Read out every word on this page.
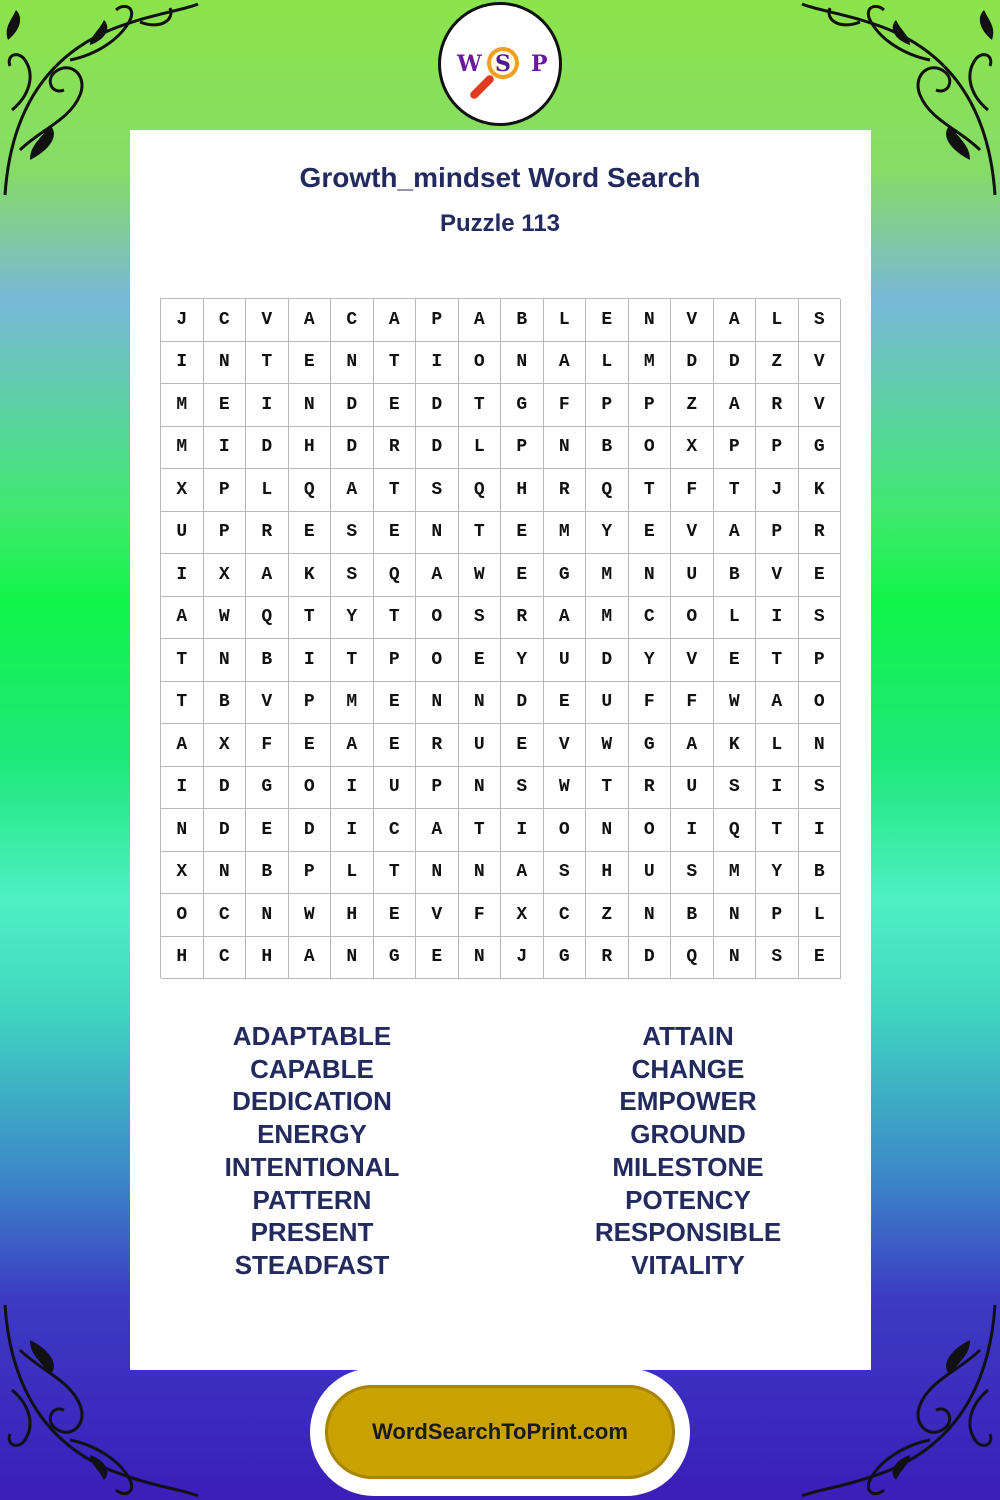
W S P
Growth_mindset Word Search
Puzzle 113
J	C	V	A	C	A	P	A	B	L	E	N	V	A	L	S
I	N	T	E	N	T	I	O	N	A	L	M	D	D	Z	V
M	E	I	N	D	E	D	T	G	F	P	P	Z	A	R	V
M	I	D	H	D	R	D	L	P	N	B	O	X	P	P	G
X	P	L	Q	A	T	S	Q	H	R	Q	T	F	T	J	K
U	P	R	E	S	E	N	T	E	M	Y	E	V	A	P	R
I	X	A	K	S	Q	A	W	E	G	M	N	U	B	V	E
A	W	Q	T	Y	T	O	S	R	A	M	C	O	L	I	S
T	N	B	I	T	P	O	E	Y	U	D	Y	V	E	T	P
T	B	V	P	M	E	N	N	D	E	U	F	F	W	A	O
A	X	F	E	A	E	R	U	E	V	W	G	A	K	L	N
I	D	G	O	I	U	P	N	S	W	T	R	U	S	I	S
N	D	E	D	I	C	A	T	I	O	N	O	I	Q	T	I
X	N	B	P	L	T	N	N	A	S	H	U	S	M	Y	B
O	C	N	W	H	E	V	F	X	C	Z	N	B	N	P	L
H	C	H	A	N	G	E	N	J	G	R	D	Q	N	S	E
ADAPTABLE
CAPABLE
DEDICATION
ENERGY
INTENTIONAL
PATTERN
PRESENT
STEADFAST
ATTAIN
CHANGE
EMPOWER
GROUND
MILESTONE
POTENCY
RESPONSIBLE
VITALITY
WordSearchToPrint.com
